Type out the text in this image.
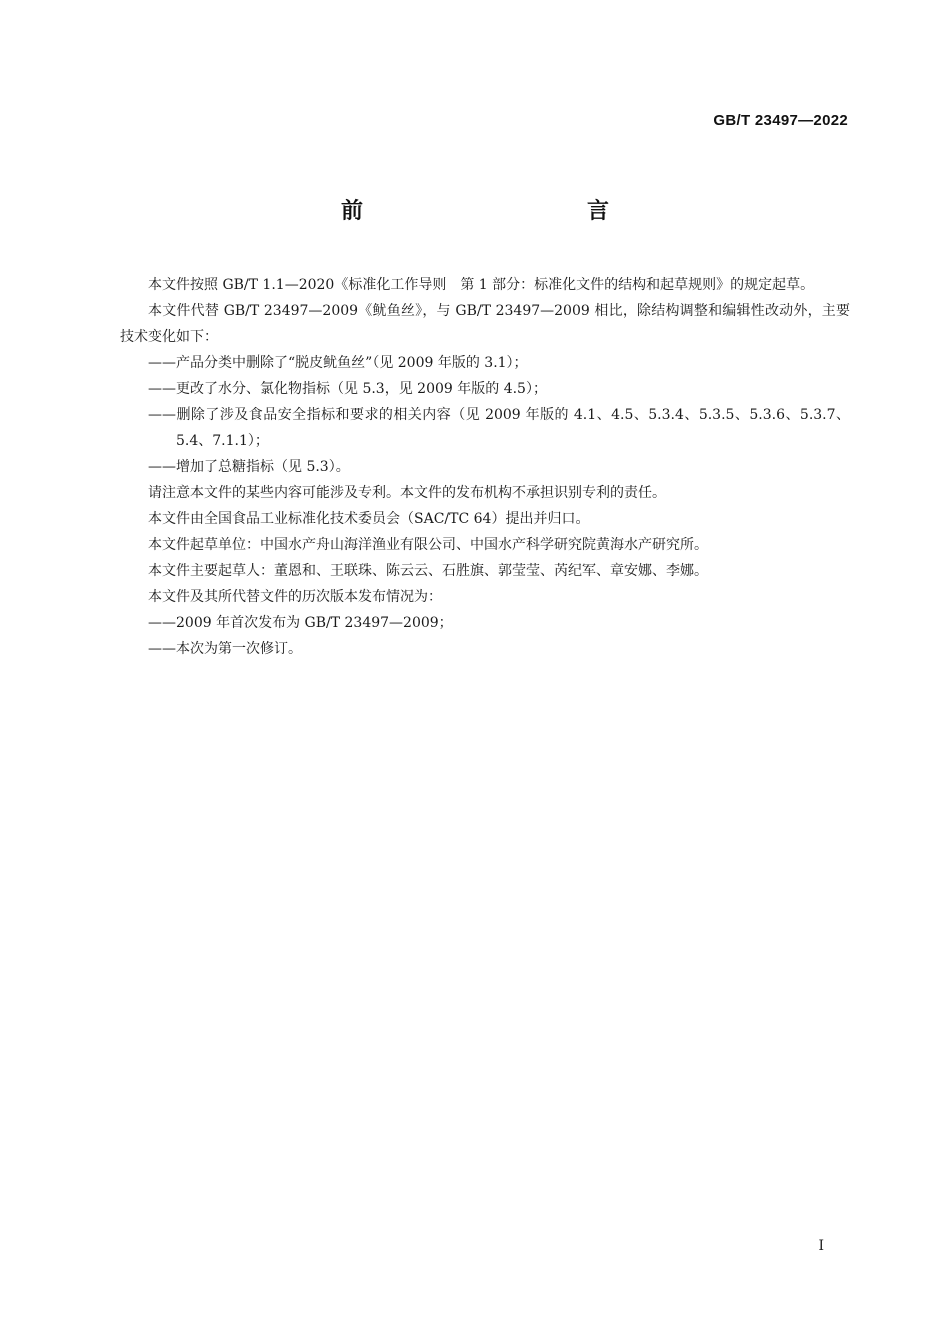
GB/T 23497—2022
前　　言

本文件按照 GB/T 1.1—2020《标准化工作导则　第 1 部分：标准化文件的结构和起草规则》的规定起草。

本文件代替 GB/T 23497—2009《鱿鱼丝》，与 GB/T 23497—2009 相比，除结构调整和编辑性改动外，主要技术变化如下：

——产品分类中删除了“脱皮鱿鱼丝”（见 2009 年版的 3.1）；

——更改了水分、氯化物指标（见 5.3，见 2009 年版的 4.5）；

——删除了涉及食品安全指标和要求的相关内容（见 2009 年版的 4.1、4.5、5.3.4、5.3.5、5.3.6、5.3.7、5.4、7.1.1）；

——增加了总糖指标（见 5.3）。

请注意本文件的某些内容可能涉及专利。本文件的发布机构不承担识别专利的责任。

本文件由全国食品工业标准化技术委员会（SAC/TC 64）提出并归口。

本文件起草单位：中国水产舟山海洋渔业有限公司、中国水产科学研究院黄海水产研究所。

本文件主要起草人：董恩和、王联珠、陈云云、石胜旗、郭莹莹、芮纪军、章安娜、李娜。

本文件及其所代替文件的历次版本发布情况为：

——2009 年首次发布为 GB/T 23497—2009；

——本次为第一次修订。

I
